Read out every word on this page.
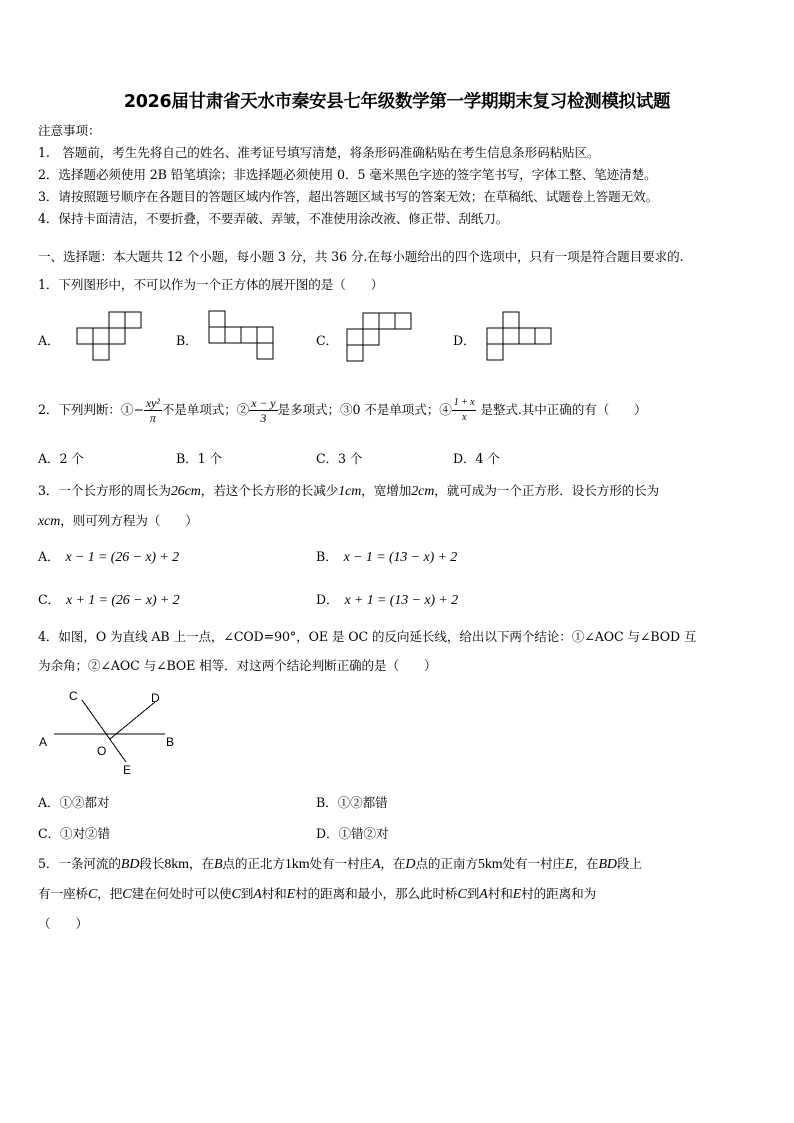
2026届甘肃省天水市秦安县七年级数学第一学期期末复习检测模拟试题
注意事项：
1.　答题前，考生先将自己的姓名、准考证号填写清楚，将条形码准确粘贴在考生信息条形码粘贴区。
2．选择题必须使用 2B 铅笔填涂；非选择题必须使用 0．5 毫米黑色字迹的签字笔书写，字体工整、笔迹清楚。
3．请按照题号顺序在各题目的答题区域内作答，超出答题区域书写的答案无效；在草稿纸、试题卷上答题无效。
4．保持卡面清洁，不要折叠，不要弄破、弄皱，不准使用涂改液、修正带、刮纸刀。
一、选择题：本大题共 12 个小题，每小题 3 分，共 36 分.在每小题给出的四个选项中，只有一项是符合题目要求的.
1．下列图形中，不可以作为一个正方体的展开图的是（　　）
A．	B．	C．	D．
2．下列判断：①− $\frac{\text{xy²}}{\pi}$ 不是单项式；② $\frac{x - y}{3}$ 是多项式；③0 不是单项式；④ $\frac{1 + x}{x}$ 是整式.其中正确的有（　　）
A．2 个	B．1 个	C．3 个	D．4 个
3．一个长方形的周长为26cm，若这个长方形的长减少1cm，宽增加2cm，就可成为一个正方形．设长方形的长为
xcm，则可列方程为（　　）
A． x − 1 = (26 − x) + 2	B． x − 1 = (13 − x) + 2
C． x + 1 = (26 − x) + 2	D． x + 1 = (13 − x) + 2
4．如图，O 为直线 AB 上一点，∠COD=90°，OE 是 OC 的反向延长线，给出以下两个结论：①∠AOC 与∠BOD 互
为余角；②∠AOC 与∠BOE 相等．对这两个结论判断正确的是（　　）
C	D
A	B
O
E
A．①②都对	B．①②都错
C．①对②错	D．①错②对
5．一条河流的BD段长8km，在B点的正北方1km处有一村庄A，在D点的正南方5km处有一村庄E，在BD段上
有一座桥C，把C建在何处时可以使C到A村和E村的距离和最小，那么此时桥C到A村和E村的距离和为
（　　）
